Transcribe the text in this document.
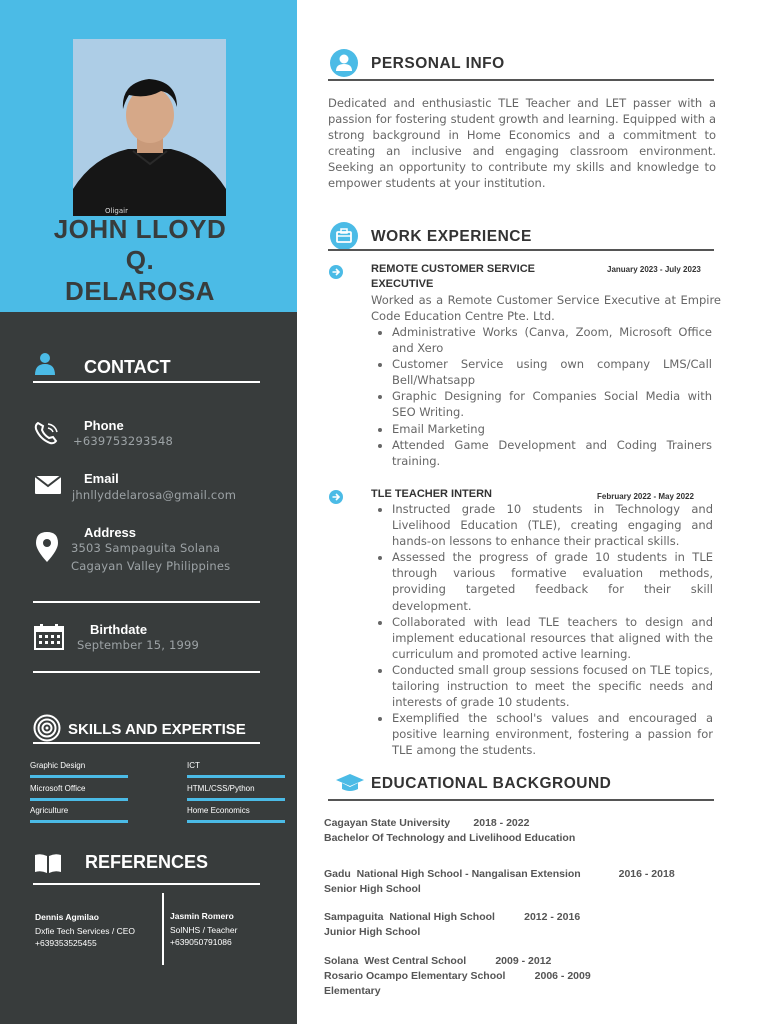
Oligair
JOHN LLOYD
Q.
DELAROSA
CONTACT
Phone
+639753293548
Email
jhnllyddelarosa@gmail.com
Address
3503 Sampaguita Solana
Cagayan Valley Philippines
Birthdate
September 15, 1999
SKILLS AND EXPERTISE
Graphic Design	ICT
Microsoft Office	HTML/CSS/Python
Agriculture	Home Economics
REFERENCES
Dennis Agmilao
Dxfie Tech Services / CEO
+639353525455
Jasmin Romero
SolNHS / Teacher
+639050791086
PERSONAL INFO
Dedicated and enthusiastic TLE Teacher and LET passer with a passion for fostering student growth and learning. Equipped with a strong background in Home Economics and a commitment to creating an inclusive and engaging classroom environment. Seeking an opportunity to contribute my skills and knowledge to empower students at your institution.
WORK EXPERIENCE
REMOTE CUSTOMER SERVICE EXECUTIVE
January 2023 - July 2023
Worked as a Remote Customer Service Executive at Empire Code Education Centre Pte. Ltd.
• Administrative Works (Canva, Zoom, Microsoft Office and Xero
• Customer Service using own company LMS/Call Bell/Whatsapp
• Graphic Designing for Companies Social Media with SEO Writing.
• Email Marketing
• Attended Game Development and Coding Trainers training.
TLE TEACHER INTERN	February 2022 - May 2022
• Instructed grade 10 students in Technology and Livelihood Education (TLE), creating engaging and hands-on lessons to enhance their practical skills.
• Assessed the progress of grade 10 students in TLE through various formative evaluation methods, providing targeted feedback for their skill development.
• Collaborated with lead TLE teachers to design and implement educational resources that aligned with the curriculum and promoted active learning.
• Conducted small group sessions focused on TLE topics, tailoring instruction to meet the specific needs and interests of grade 10 students.
• Exemplified the school's values and encouraged a positive learning environment, fostering a passion for TLE among the students.
EDUCATIONAL BACKGROUND
Cagayan State University        2018 - 2022
Bachelor Of Technology and Livelihood Education
Gadu  National High School - Nangalisan Extension             2016 - 2018
Senior High School
Sampaguita  National High School          2012 - 2016
Junior High School
Solana  West Central School          2009 - 2012
Rosario Ocampo Elementary School          2006 - 2009
Elementary
